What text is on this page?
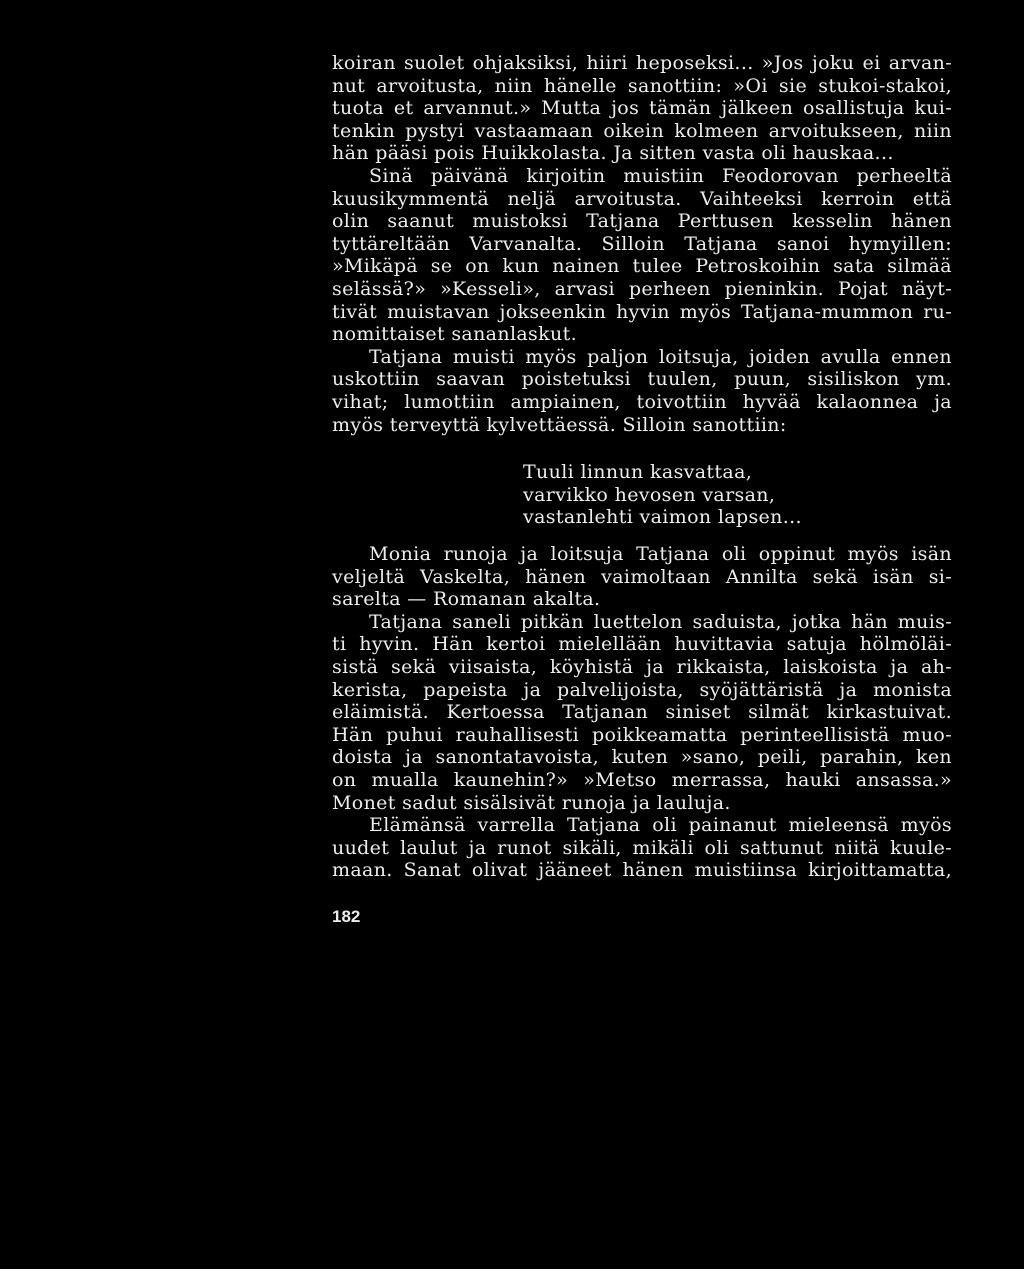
koiran suolet ohjaksiksi, hiiri heposeksi... »Jos joku ei arvan-
nut arvoitusta, niin hänelle sanottiin: »Oi sie stukoi-stakoi,
tuota et arvannut.» Mutta jos tämän jälkeen osallistuja kui-
tenkin pystyi vastaamaan oikein kolmeen arvoitukseen, niin
hän pääsi pois Huikkolasta. Ja sitten vasta oli hauskaa...
Sinä päivänä kirjoitin muistiin Feodorovan perheeltä
kuusikymmentä neljä arvoitusta. Vaihteeksi kerroin että
olin saanut muistoksi Tatjana Perttusen kesselin hänen
tyttäreltään Varvanalta. Silloin Tatjana sanoi hymyillen:
»Mikäpä se on kun nainen tulee Petroskoihin sata silmää
selässä?» »Kesseli», arvasi perheen pieninkin. Pojat näyt-
tivät muistavan jokseenkin hyvin myös Tatjana-mummon ru-
nomittaiset sananlaskut.
Tatjana muisti myös paljon loitsuja, joiden avulla ennen
uskottiin saavan poistetuksi tuulen, puun, sisiliskon ym.
vihat; lumottiin ampiainen, toivottiin hyvää kalaonnea ja
myös terveyttä kylvettäessä. Silloin sanottiin:
Tuuli linnun kasvattaa,
varvikko hevosen varsan,
vastanlehti vaimon lapsen...
Monia runoja ja loitsuja Tatjana oli oppinut myös isän
veljeltä Vaskelta, hänen vaimoltaan Annilta sekä isän si-
sarelta — Romanan akalta.
Tatjana saneli pitkän luettelon saduista, jotka hän muis-
ti hyvin. Hän kertoi mielellään huvittavia satuja hölmöläi-
sistä sekä viisaista, köyhistä ja rikkaista, laiskoista ja ah-
kerista, papeista ja palvelijoista, syöjättäristä ja monista
eläimistä. Kertoessa Tatjanan siniset silmät kirkastuivat.
Hän puhui rauhallisesti poikkeamatta perinteellisistä muo-
doista ja sanontatavoista, kuten »sano, peili, parahin, ken
on mualla kaunehin?» »Metso merrassa, hauki ansassa.»
Monet sadut sisälsivät runoja ja lauluja.
Elämänsä varrella Tatjana oli painanut mieleensä myös
uudet laulut ja runot sikäli, mikäli oli sattunut niitä kuule-
maan. Sanat olivat jääneet hänen muistiinsa kirjoittamatta,
182
